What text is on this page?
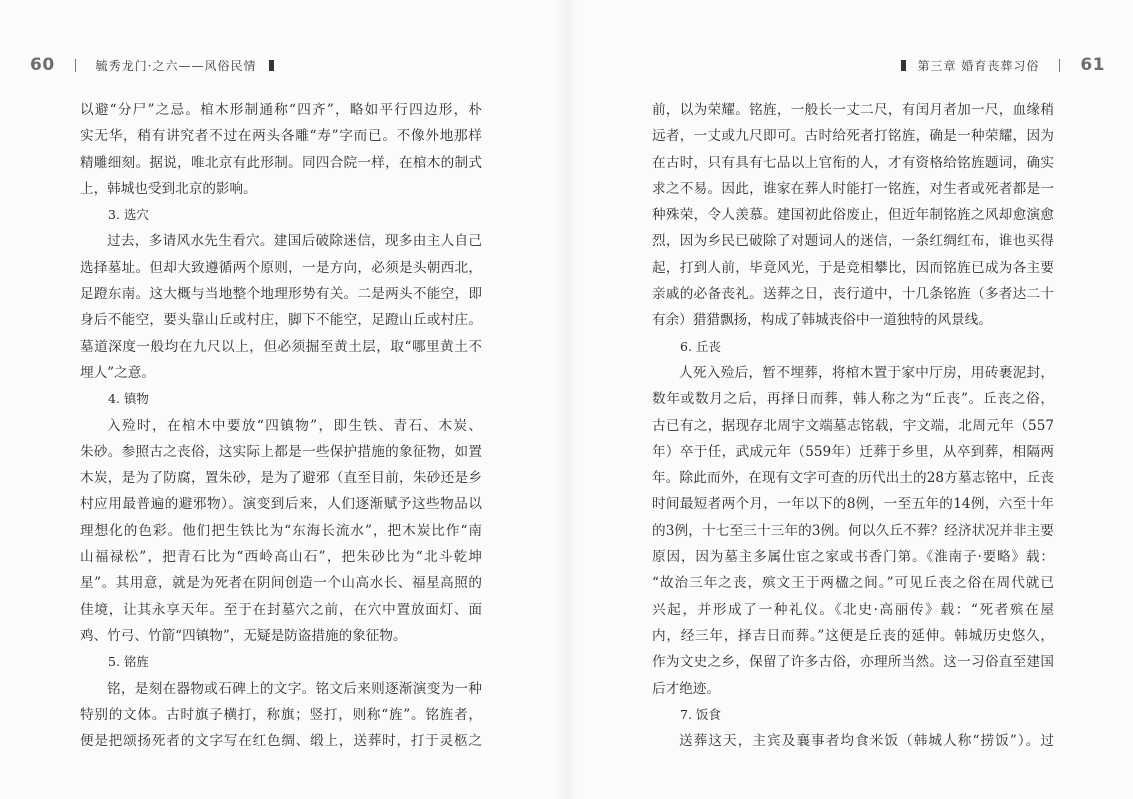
60	毓秀龙门·之六——风俗民情

以避“分尸”之忌。棺木形制通称“四齐”，略如平行四边形，朴

实无华，稍有讲究者不过在两头各雕“寿”字而已。不像外地那样

精雕细刻。据说，唯北京有此形制。同四合院一样，在棺木的制式

上，韩城也受到北京的影响。

3. 选穴

过去，多请风水先生看穴。建国后破除迷信，现多由主人自己

选择墓址。但却大致遵循两个原则，一是方向，必须是头朝西北，

足蹬东南。这大概与当地整个地理形势有关。二是两头不能空，即

身后不能空，要头靠山丘或村庄，脚下不能空，足蹬山丘或村庄。

墓道深度一般均在九尺以上，但必须掘至黄土层，取“哪里黄土不

埋人”之意。

4. 镇物

入殓时，在棺木中要放“四镇物”，即生铁、青石、木炭、

朱砂。参照古之丧俗，这实际上都是一些保护措施的象征物，如置

木炭，是为了防腐，置朱砂，是为了避邪（直至目前，朱砂还是乡

村应用最普遍的避邪物）。演变到后来，人们逐渐赋予这些物品以

理想化的色彩。他们把生铁比为“东海长流水”，把木炭比作“南

山福禄松”，把青石比为“西岭高山石”，把朱砂比为“北斗乾坤

星”。其用意，就是为死者在阴间创造一个山高水长、福星高照的

佳境，让其永享天年。至于在封墓穴之前，在穴中置放面灯、面

鸡、竹弓、竹箭“四镇物”，无疑是防盗措施的象征物。

5. 铭旌

铭，是刻在器物或石碑上的文字。铭文后来则逐渐演变为一种

特别的文体。古时旗子横打，称旗；竖打，则称“旌”。铭旌者，

便是把颂扬死者的文字写在红色绸、缎上，送葬时，打于灵柩之

第三章 婚育丧葬习俗 61

前，以为荣耀。铭旌，一般长一丈二尺，有闰月者加一尺，血缘稍

远者，一丈或九尺即可。古时给死者打铭旌，确是一种荣耀，因为

在古时，只有具有七品以上官衔的人，才有资格给铭旌题词，确实

求之不易。因此，谁家在葬人时能打一铭旌，对生者或死者都是一

种殊荣，令人羡慕。建国初此俗废止，但近年制铭旌之风却愈演愈

烈，因为乡民已破除了对题词人的迷信，一条红绸红布，谁也买得

起，打到人前，毕竟风光，于是竞相攀比，因而铭旌已成为各主要

亲戚的必备丧礼。送葬之日，丧行道中，十几条铭旌（多者达二十

有余）猎猎飘扬，构成了韩城丧俗中一道独特的风景线。

6. 丘丧

人死入殓后，暂不埋葬，将棺木置于家中厅房，用砖裹泥封，

数年或数月之后，再择日而葬，韩人称之为“丘丧”。丘丧之俗，

古已有之，据现存北周宇文端墓志铭载，宇文端，北周元年（557

年）卒于任，武成元年（559年）迁葬于乡里，从卒到葬，相隔两

年。除此而外，在现有文字可查的历代出土的28方墓志铭中，丘丧

时间最短者两个月，一年以下的8例，一至五年的14例，六至十年

的3例，十七至三十三年的3例。何以久丘不葬？经济状况并非主要

原因，因为墓主多属仕宦之家或书香门第。《淮南子·要略》载：

“故治三年之丧，殡文王于两楹之间。”可见丘丧之俗在周代就已

兴起，并形成了一种礼仪。《北史·高丽传》载：“死者殡在屋

内，经三年，择吉日而葬。”这便是丘丧的延伸。韩城历史悠久，

作为文史之乡，保留了许多古俗，亦理所当然。这一习俗直至建国

后才绝迹。

7. 饭食

送葬这天，主宾及襄事者均食米饭（韩城人称“捞饭”）。过
